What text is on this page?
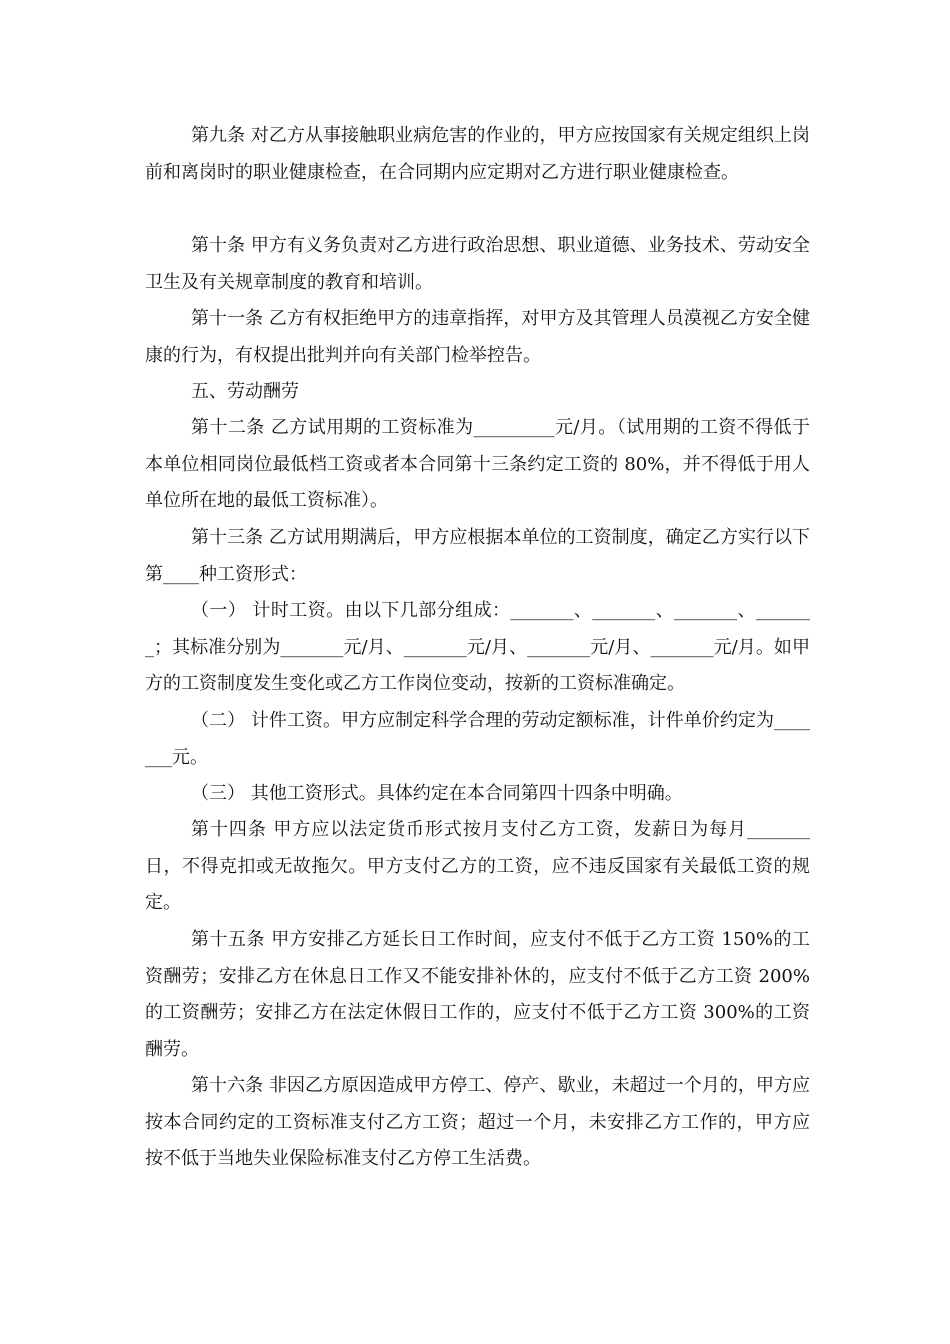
第九条 对乙方从事接触职业病危害的作业的，甲方应按国家有关规定组织上岗前和离岗时的职业健康检查，在合同期内应定期对乙方进行职业健康检查。
第十条 甲方有义务负责对乙方进行政治思想、职业道德、业务技术、劳动安全卫生及有关规章制度的教育和培训。
第十一条 乙方有权拒绝甲方的违章指挥，对甲方及其管理人员漠视乙方安全健康的行为，有权提出批判并向有关部门检举控告。
五、劳动酬劳
第十二条 乙方试用期的工资标准为_________元/月。（试用期的工资不得低于本单位相同岗位最低档工资或者本合同第十三条约定工资的 80%，并不得低于用人单位所在地的最低工资标准）。
第十三条 乙方试用期满后，甲方应根据本单位的工资制度，确定乙方实行以下第____种工资形式：
（一） 计时工资。由以下几部分组成：_______、_______、_______、_______；其标准分别为_______元/月、_______元/月、_______元/月、_______元/月。如甲方的工资制度发生变化或乙方工作岗位变动，按新的工资标准确定。
（二） 计件工资。甲方应制定科学合理的劳动定额标准，计件单价约定为_______元。
（三） 其他工资形式。具体约定在本合同第四十四条中明确。
第十四条 甲方应以法定货币形式按月支付乙方工资，发薪日为每月_______日，不得克扣或无故拖欠。甲方支付乙方的工资，应不违反国家有关最低工资的规定。
第十五条 甲方安排乙方延长日工作时间，应支付不低于乙方工资 150%的工资酬劳；安排乙方在休息日工作又不能安排补休的，应支付不低于乙方工资 200%的工资酬劳；安排乙方在法定休假日工作的，应支付不低于乙方工资 300%的工资酬劳。
第十六条 非因乙方原因造成甲方停工、停产、歇业，未超过一个月的，甲方应按本合同约定的工资标准支付乙方工资；超过一个月，未安排乙方工作的，甲方应按不低于当地失业保险标准支付乙方停工生活费。
